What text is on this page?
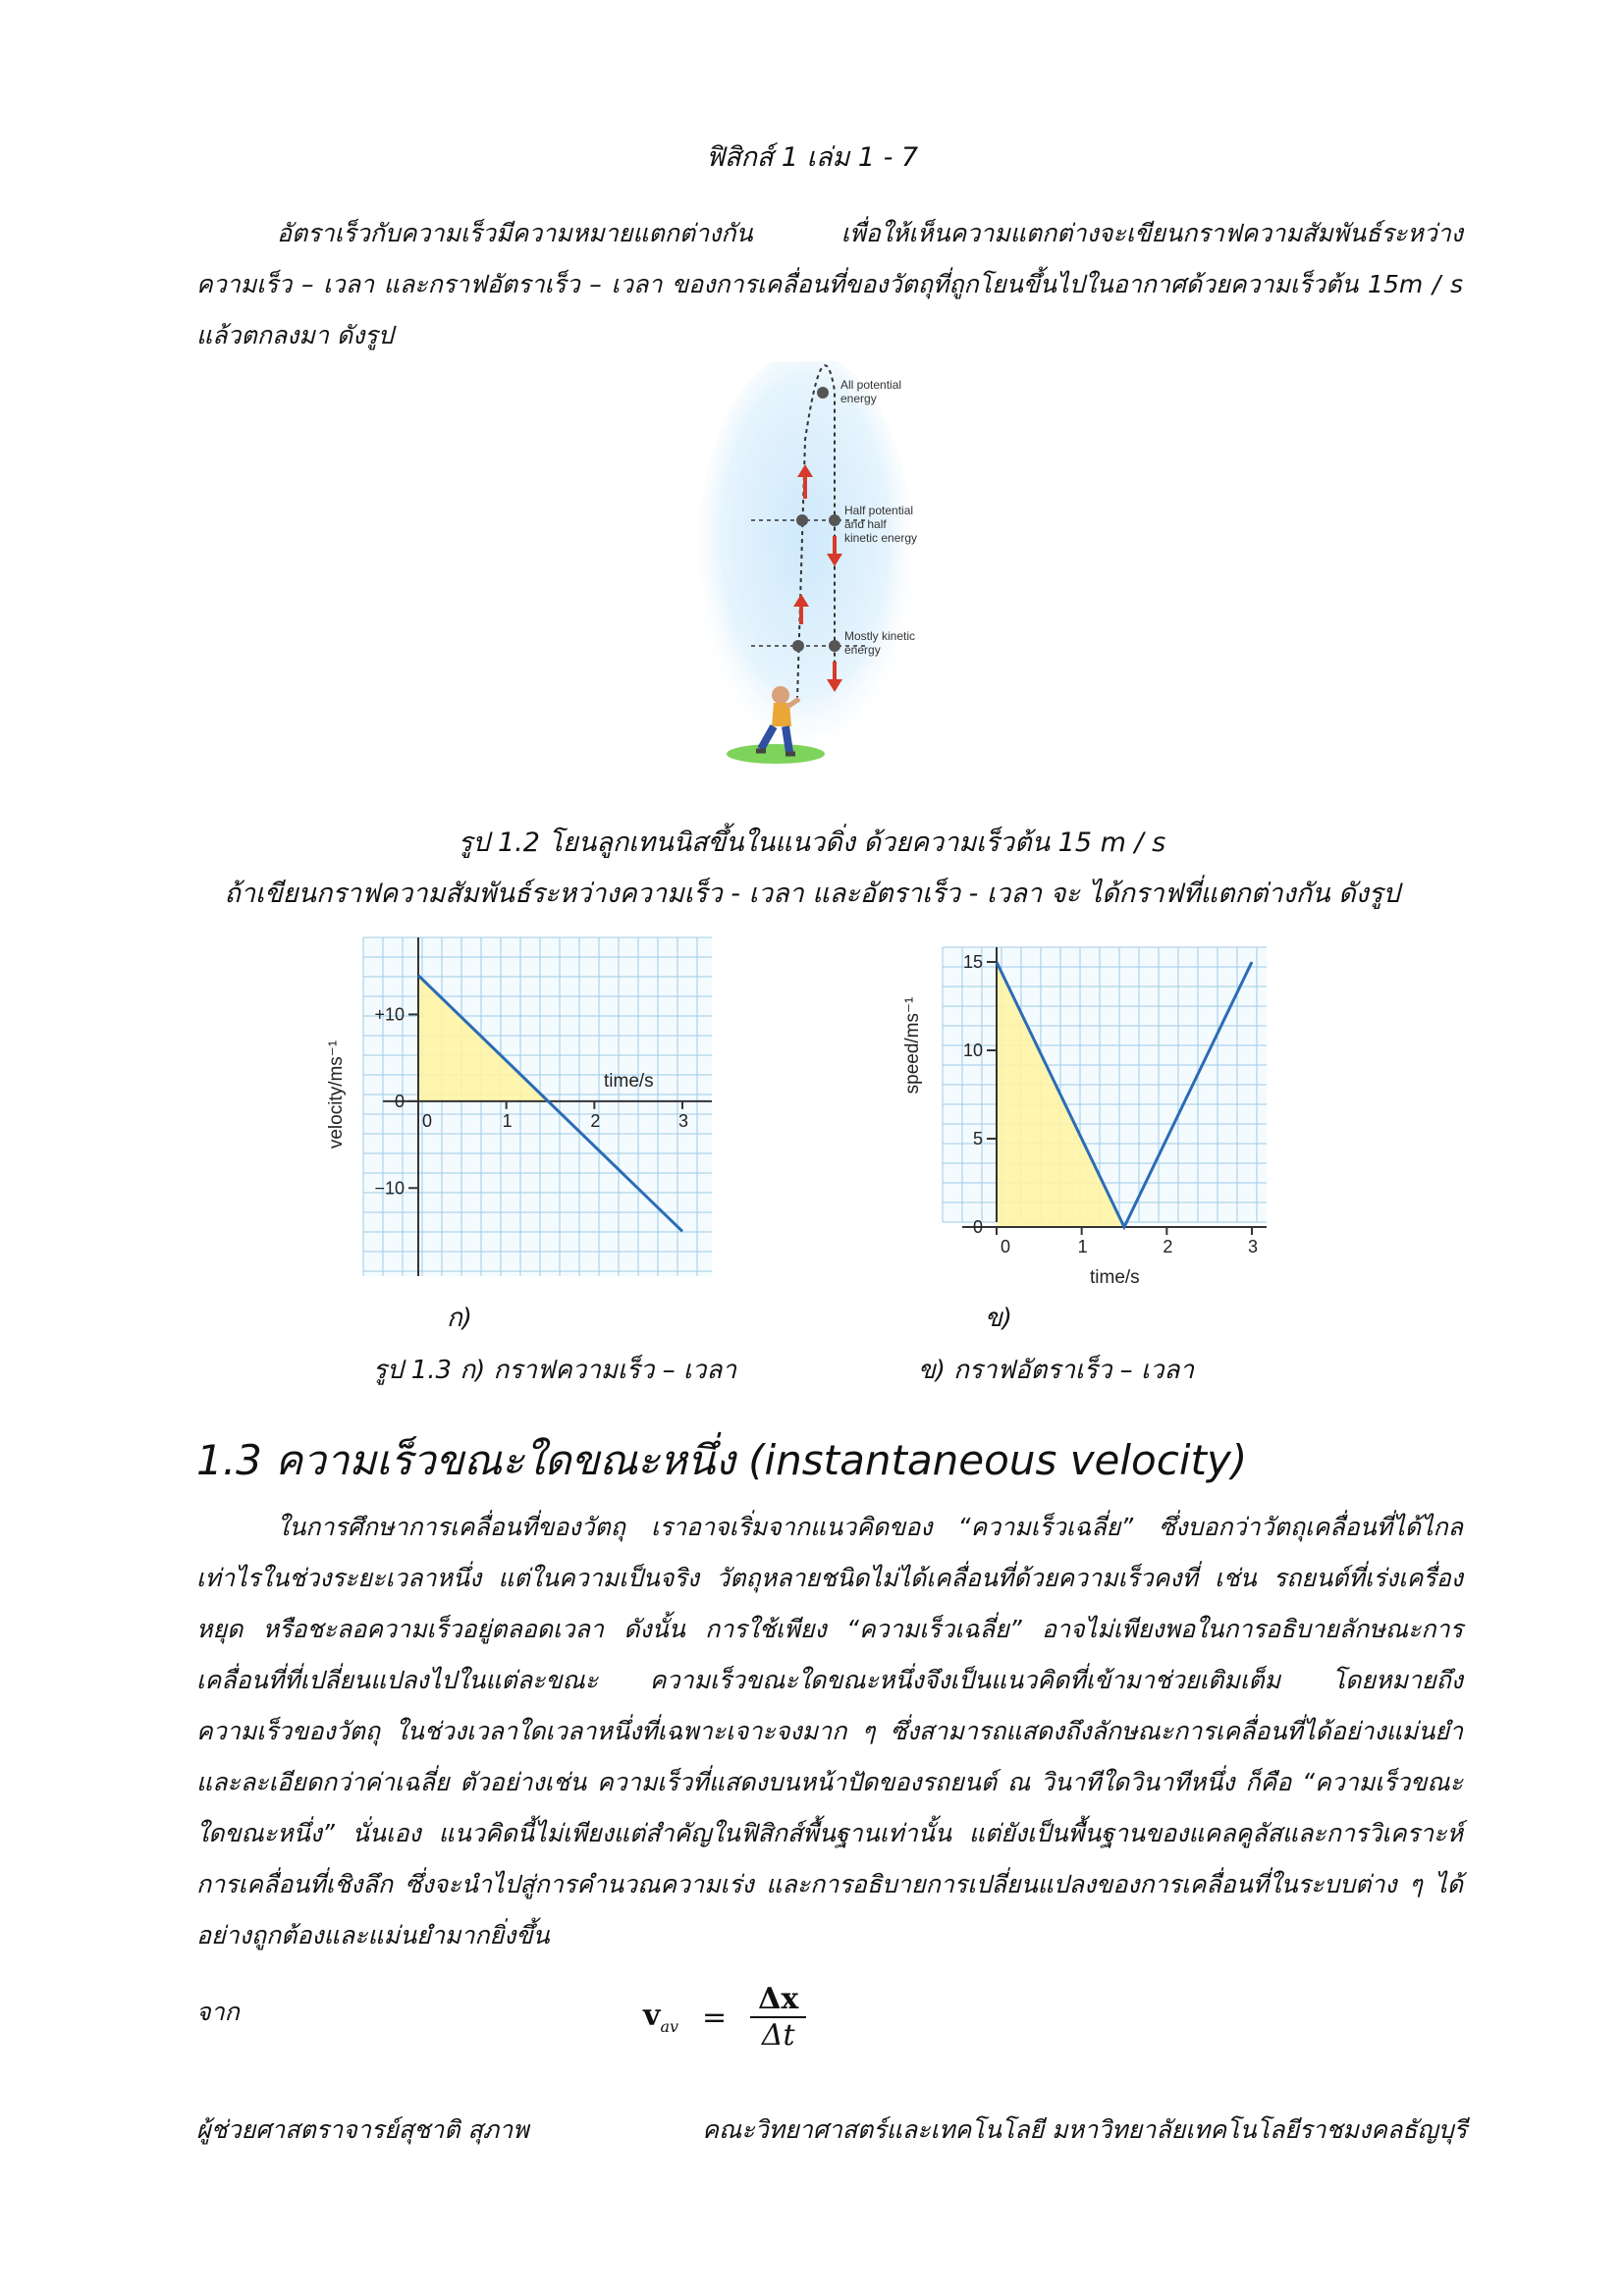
ฟิสิกส์ 1 เล่ม 1 - 7
อัตราเร็วกับความเร็วมีความหมายแตกต่างกัน เพื่อให้เห็นความแตกต่างจะเขียนกราฟความสัมพันธ์ระหว่าง ความเร็ว – เวลา และกราฟอัตราเร็ว – เวลา ของการเคลื่อนที่ของวัตถุที่ถูกโยนขึ้นไปในอากาศด้วยความเร็วต้น 15m / s แล้วตกลงมา ดังรูป
All potential
energy
Half potential
and half
kinetic energy
Mostly kinetic
energy
รูป 1.2 โยนลูกเทนนิสขึ้นในแนวดิ่ง ด้วยความเร็วต้น 15 m / s
ถ้าเขียนกราฟความสัมพันธ์ระหว่างความเร็ว - เวลา และอัตราเร็ว - เวลา จะ ได้กราฟที่แตกต่างกัน ดังรูป
0	1	2	3
+10
0
−10
time/s
velocity/ms⁻¹
0	1	2	3
15
10
5
0
time/s
speed/ms⁻¹
ก)	ข)
รูป 1.3 ก) กราฟความเร็ว – เวลา	ข) กราฟอัตราเร็ว – เวลา
1.3 ความเร็วขณะใดขณะหนึ่ง (instantaneous velocity)
ในการศึกษาการเคลื่อนที่ของวัตถุ เราอาจเริ่มจากแนวคิดของ “ความเร็วเฉลี่ย” ซึ่งบอกว่าวัตถุเคลื่อนที่ได้ไกลเท่าไรในช่วงระยะเวลาหนึ่ง แต่ในความเป็นจริง วัตถุหลายชนิดไม่ได้เคลื่อนที่ด้วยความเร็วคงที่ เช่น รถยนต์ที่เร่งเครื่อง หยุด หรือชะลอความเร็วอยู่ตลอดเวลา ดังนั้น การใช้เพียง “ความเร็วเฉลี่ย” อาจไม่เพียงพอในการอธิบายลักษณะการเคลื่อนที่ที่เปลี่ยนแปลงไปในแต่ละขณะ ความเร็วขณะใดขณะหนึ่งจึงเป็นแนวคิดที่เข้ามาช่วยเติมเต็ม โดยหมายถึงความเร็วของวัตถุ ในช่วงเวลาใดเวลาหนึ่งที่เฉพาะเจาะจงมาก ๆ ซึ่งสามารถแสดงถึงลักษณะการเคลื่อนที่ได้อย่างแม่นยำและละเอียดกว่าค่าเฉลี่ย ตัวอย่างเช่น ความเร็วที่แสดงบนหน้าปัดของรถยนต์ ณ วินาทีใดวินาทีหนึ่ง ก็คือ “ความเร็วขณะใดขณะหนึ่ง” นั่นเอง แนวคิดนี้ไม่เพียงแต่สำคัญในฟิสิกส์พื้นฐานเท่านั้น แต่ยังเป็นพื้นฐานของแคลคูลัสและการวิเคราะห์การเคลื่อนที่เชิงลึก ซึ่งจะนำไปสู่การคำนวณความเร่ง และการอธิบายการเปลี่ยนแปลงของการเคลื่อนที่ในระบบต่าง ๆ ได้อย่างถูกต้องและแม่นยำมากยิ่งขึ้น
จาก	$v_{av} = \frac{\Delta x}{\Delta t}$
ผู้ช่วยศาสตราจารย์สุชาติ สุภาพ	คณะวิทยาศาสตร์และเทคโนโลยี มหาวิทยาลัยเทคโนโลยีราชมงคลธัญบุรี
